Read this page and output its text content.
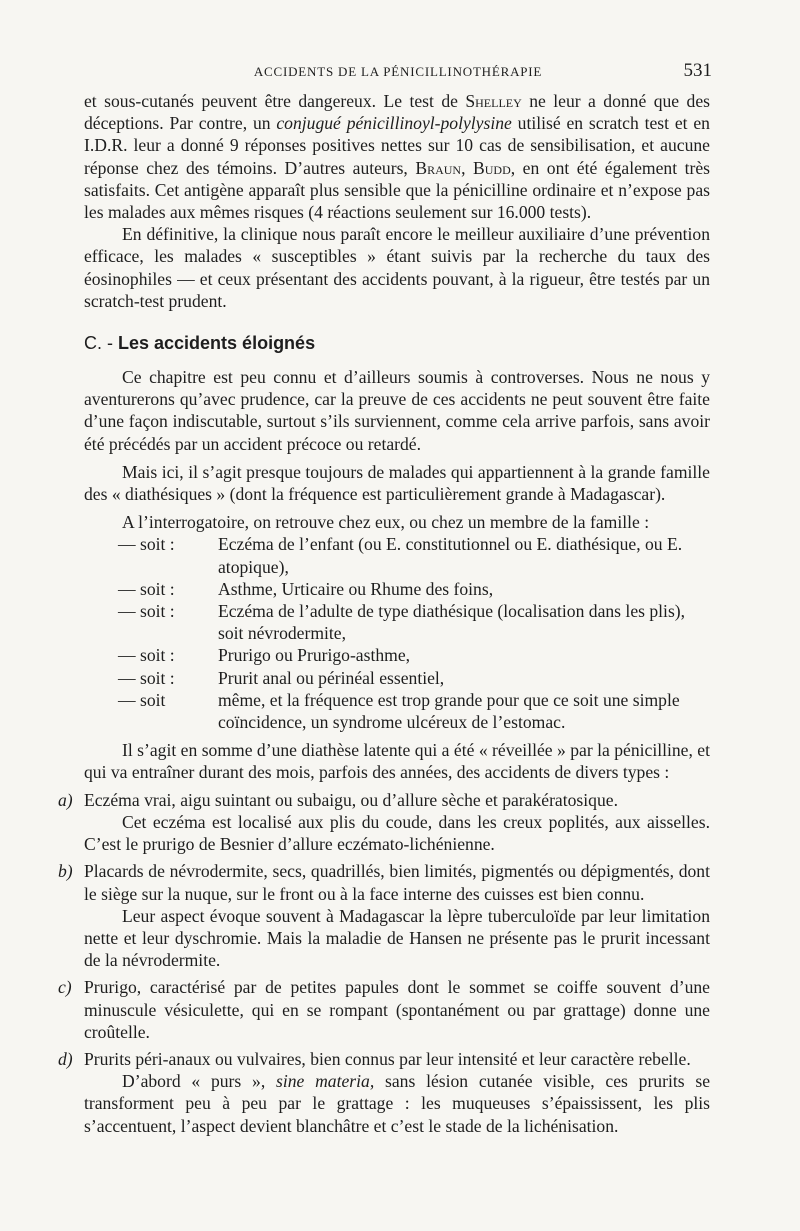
ACCIDENTS DE LA PÉNICILLINOTHÉRAPIE	531

et sous-cutanés peuvent être dangereux. Le test de Shelley ne leur a donné que des déceptions. Par contre, un conjugué pénicillinoyl-polylysine utilisé en scratch test et en I.D.R. leur a donné 9 réponses positives nettes sur 10 cas de sensibilisation, et aucune réponse chez des témoins. D’autres auteurs, Braun, Budd, en ont été également très satisfaits. Cet antigène apparaît plus sensible que la pénicilline ordinaire et n’expose pas les malades aux mêmes risques (4 réactions seulement sur 16.000 tests).

En définitive, la clinique nous paraît encore le meilleur auxiliaire d’une prévention efficace, les malades « susceptibles » étant suivis par la recherche du taux des éosinophiles — et ceux présentant des accidents pouvant, à la rigueur, être testés par un scratch-test prudent.

C. - Les accidents éloignés

Ce chapitre est peu connu et d’ailleurs soumis à controverses. Nous ne nous y aventurerons qu’avec prudence, car la preuve de ces accidents ne peut souvent être faite d’une façon indiscutable, surtout s’ils surviennent, comme cela arrive parfois, sans avoir été précédés par un accident précoce ou retardé.

Mais ici, il s’agit presque toujours de malades qui appartiennent à la grande famille des « diathésiques » (dont la fréquence est particulièrement grande à Madagascar).

A l’interrogatoire, on retrouve chez eux, ou chez un membre de la famille :

— soit :	Eczéma de l’enfant (ou E. constitutionnel ou E. diathésique, ou E. atopique),
— soit :	Asthme, Urticaire ou Rhume des foins,
— soit :	Eczéma de l’adulte de type diathésique (localisation dans les plis), soit névrodermite,
— soit :	Prurigo ou Prurigo-asthme,
— soit :	Prurit anal ou périnéal essentiel,
— soit	même, et la fréquence est trop grande pour que ce soit une simple coïncidence, un syndrome ulcéreux de l’estomac.

Il s’agit en somme d’une diathèse latente qui a été « réveillée » par la pénicilline, et qui va entraîner durant des mois, parfois des années, des accidents de divers types :

a) Eczéma vrai, aigu suintant ou subaigu, ou d’allure sèche et parakératosique.

Cet eczéma est localisé aux plis du coude, dans les creux poplités, aux aisselles. C’est le prurigo de Besnier d’allure eczémato-lichénienne.

b) Placards de névrodermite, secs, quadrillés, bien limités, pigmentés ou dépigmentés, dont le siège sur la nuque, sur le front ou à la face interne des cuisses est bien connu.

Leur aspect évoque souvent à Madagascar la lèpre tuberculoïde par leur limitation nette et leur dyschromie. Mais la maladie de Hansen ne présente pas le prurit incessant de la névrodermite.

c) Prurigo, caractérisé par de petites papules dont le sommet se coiffe souvent d’une minuscule vésiculette, qui en se rompant (spontanément ou par grattage) donne une croûtelle.

d) Prurits péri-anaux ou vulvaires, bien connus par leur intensité et leur caractère rebelle.

D’abord « purs », sine materia, sans lésion cutanée visible, ces prurits se transforment peu à peu par le grattage : les muqueuses s’épaississent, les plis s’accentuent, l’aspect devient blanchâtre et c’est le stade de la lichénisation.
